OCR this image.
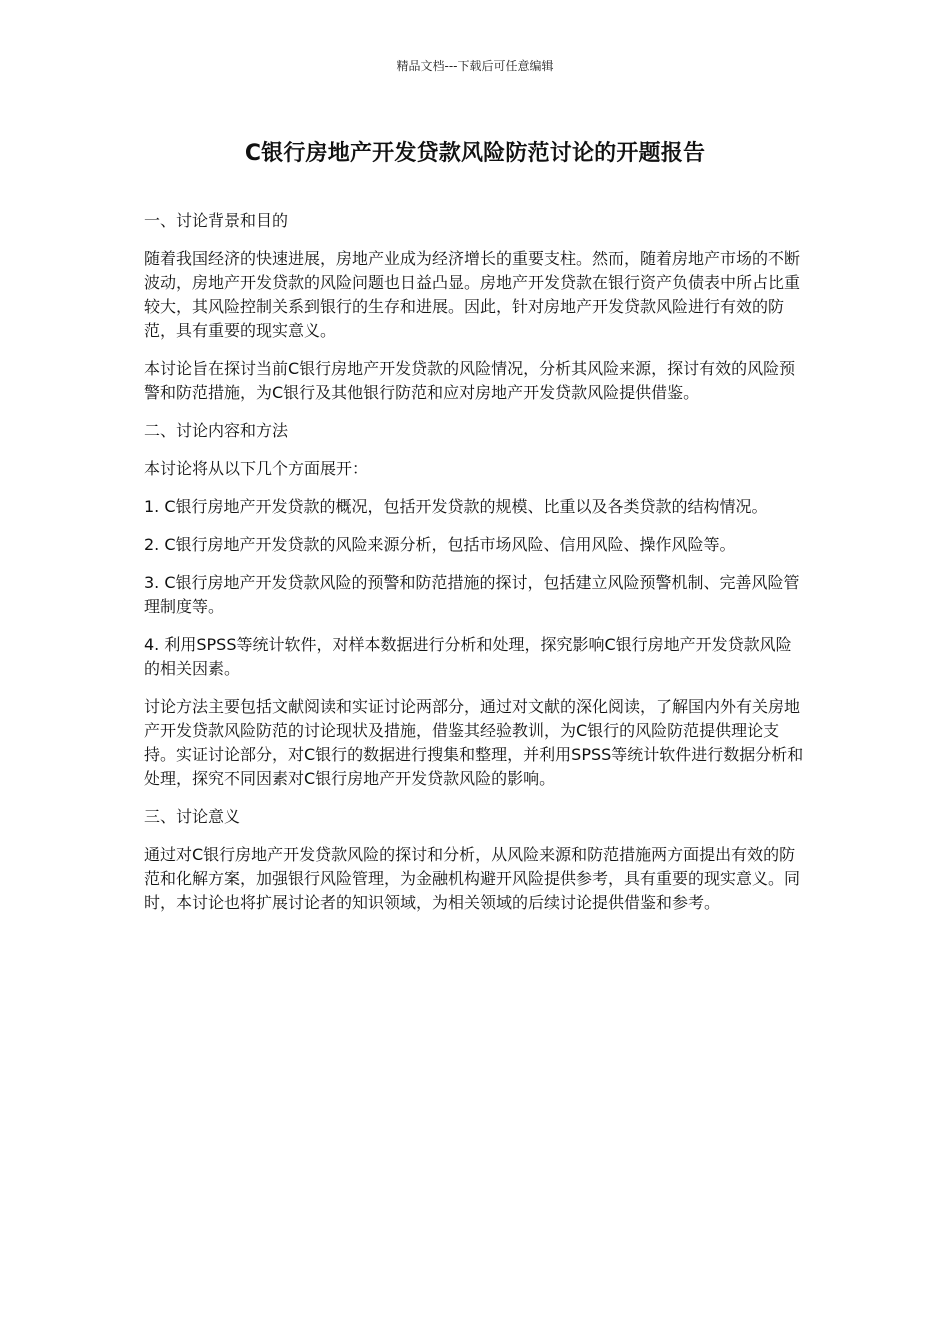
精品文档---下载后可任意编辑
C银行房地产开发贷款风险防范讨论的开题报告

一、讨论背景和目的

随着我国经济的快速进展，房地产业成为经济增长的重要支柱。然而，随着房地产市场的不断波动，房地产开发贷款的风险问题也日益凸显。房地产开发贷款在银行资产负债表中所占比重较大，其风险控制关系到银行的生存和进展。因此，针对房地产开发贷款风险进行有效的防范，具有重要的现实意义。

本讨论旨在探讨当前C银行房地产开发贷款的风险情况，分析其风险来源，探讨有效的风险预警和防范措施，为C银行及其他银行防范和应对房地产开发贷款风险提供借鉴。

二、讨论内容和方法

本讨论将从以下几个方面展开：

1. C银行房地产开发贷款的概况，包括开发贷款的规模、比重以及各类贷款的结构情况。

2. C银行房地产开发贷款的风险来源分析，包括市场风险、信用风险、操作风险等。

3. C银行房地产开发贷款风险的预警和防范措施的探讨，包括建立风险预警机制、完善风险管理制度等。

4. 利用SPSS等统计软件，对样本数据进行分析和处理，探究影响C银行房地产开发贷款风险的相关因素。

讨论方法主要包括文献阅读和实证讨论两部分，通过对文献的深化阅读，了解国内外有关房地产开发贷款风险防范的讨论现状及措施，借鉴其经验教训，为C银行的风险防范提供理论支持。实证讨论部分，对C银行的数据进行搜集和整理，并利用SPSS等统计软件进行数据分析和处理，探究不同因素对C银行房地产开发贷款风险的影响。

三、讨论意义

通过对C银行房地产开发贷款风险的探讨和分析，从风险来源和防范措施两方面提出有效的防范和化解方案，加强银行风险管理，为金融机构避开风险提供参考，具有重要的现实意义。同时，本讨论也将扩展讨论者的知识领域，为相关领域的后续讨论提供借鉴和参考。
